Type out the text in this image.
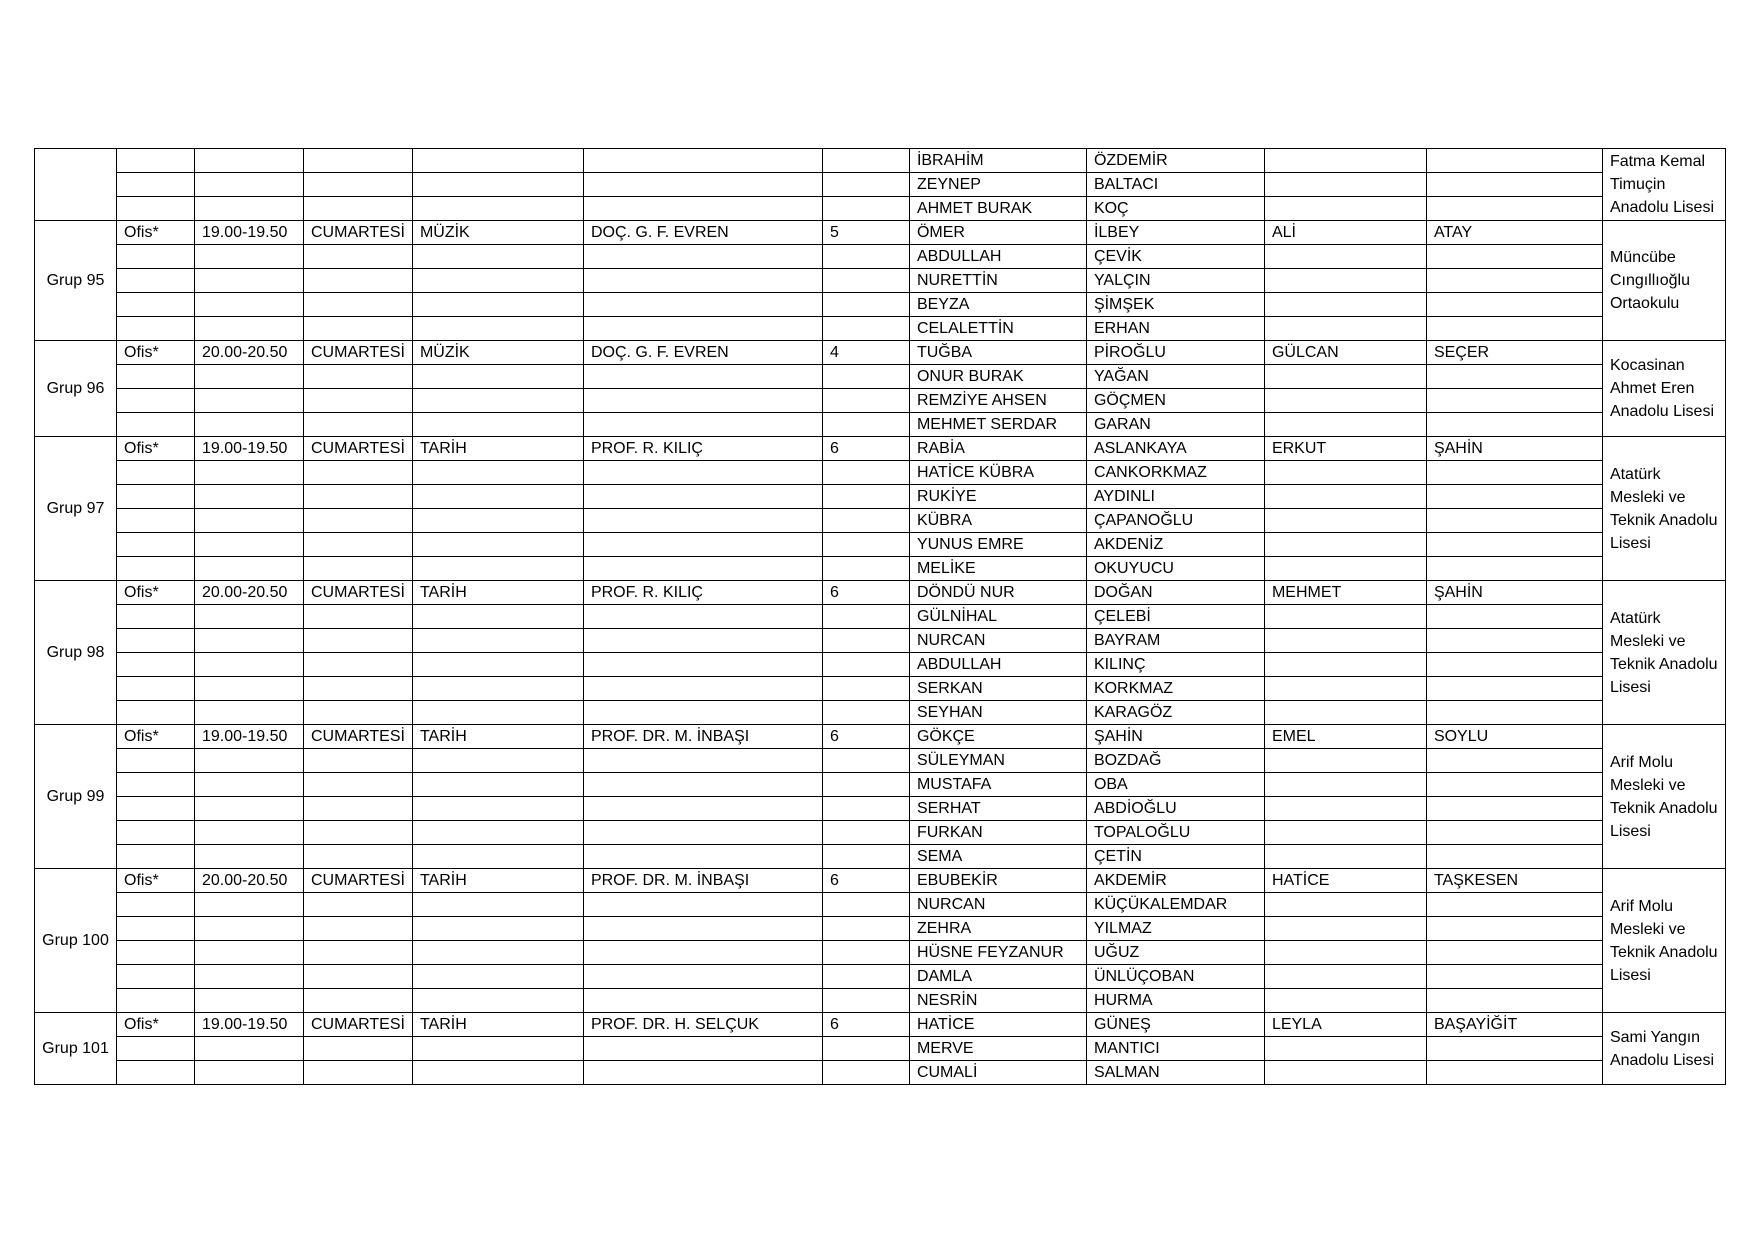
							İBRAHİM	ÖZDEMİR			Fatma Kemal Timuçin Anadolu Lisesi
							ZEYNEP	BALTACI			
							AHMET BURAK	KOÇ			
Grup 95	Ofis*	19.00-19.50	CUMARTESİ	MÜZİK	DOÇ. G. F. EVREN	5	ÖMER	İLBEY	ALİ	ATAY	Müncübe Cıngıllıoğlu Ortaokulu
							ABDULLAH	ÇEVİK			
							NURETTİN	YALÇIN			
							BEYZA	ŞİMŞEK			
							CELALETTİN	ERHAN			
Grup 96	Ofis*	20.00-20.50	CUMARTESİ	MÜZİK	DOÇ. G. F. EVREN	4	TUĞBA	PİROĞLU	GÜLCAN	SEÇER	Kocasinan Ahmet Eren Anadolu Lisesi
							ONUR BURAK	YAĞAN			
							REMZİYE AHSEN	GÖÇMEN			
							MEHMET SERDAR	GARAN			
Grup 97	Ofis*	19.00-19.50	CUMARTESİ	TARİH	PROF. R. KILIÇ	6	RABİA	ASLANKAYA	ERKUT	ŞAHİN	Atatürk Mesleki ve Teknik Anadolu Lisesi
							HATİCE KÜBRA	CANKORKMAZ			
							RUKİYE	AYDINLI			
							KÜBRA	ÇAPANOĞLU			
							YUNUS EMRE	AKDENİZ			
							MELİKE	OKUYUCU			
Grup 98	Ofis*	20.00-20.50	CUMARTESİ	TARİH	PROF. R. KILIÇ	6	DÖNDÜ NUR	DOĞAN	MEHMET	ŞAHİN	Atatürk Mesleki ve Teknik Anadolu Lisesi
							GÜLNİHAL	ÇELEBİ			
							NURCAN	BAYRAM			
							ABDULLAH	KILINÇ			
							SERKAN	KORKMAZ			
							SEYHAN	KARAGÖZ			
Grup 99	Ofis*	19.00-19.50	CUMARTESİ	TARİH	PROF. DR. M. İNBAŞI	6	GÖKÇE	ŞAHİN	EMEL	SOYLU	Arif Molu Mesleki ve Teknik Anadolu Lisesi
							SÜLEYMAN	BOZDAĞ			
							MUSTAFA	OBA			
							SERHAT	ABDİOĞLU			
							FURKAN	TOPALOĞLU			
							SEMA	ÇETİN			
Grup 100	Ofis*	20.00-20.50	CUMARTESİ	TARİH	PROF. DR. M. İNBAŞI	6	EBUBEKİR	AKDEMİR	HATİCE	TAŞKESEN	Arif Molu Mesleki ve Teknik Anadolu Lisesi
							NURCAN	KÜÇÜKALEMDAR			
							ZEHRA	YILMAZ			
							HÜSNE FEYZANUR	UĞUZ			
							DAMLA	ÜNLÜÇOBAN			
							NESRİN	HURMA			
Grup 101	Ofis*	19.00-19.50	CUMARTESİ	TARİH	PROF. DR. H. SELÇUK	6	HATİCE	GÜNEŞ	LEYLA	BAŞAYİĞİT	Sami Yangın Anadolu Lisesi
							MERVE	MANTICI			
							CUMALİ	SALMAN			
